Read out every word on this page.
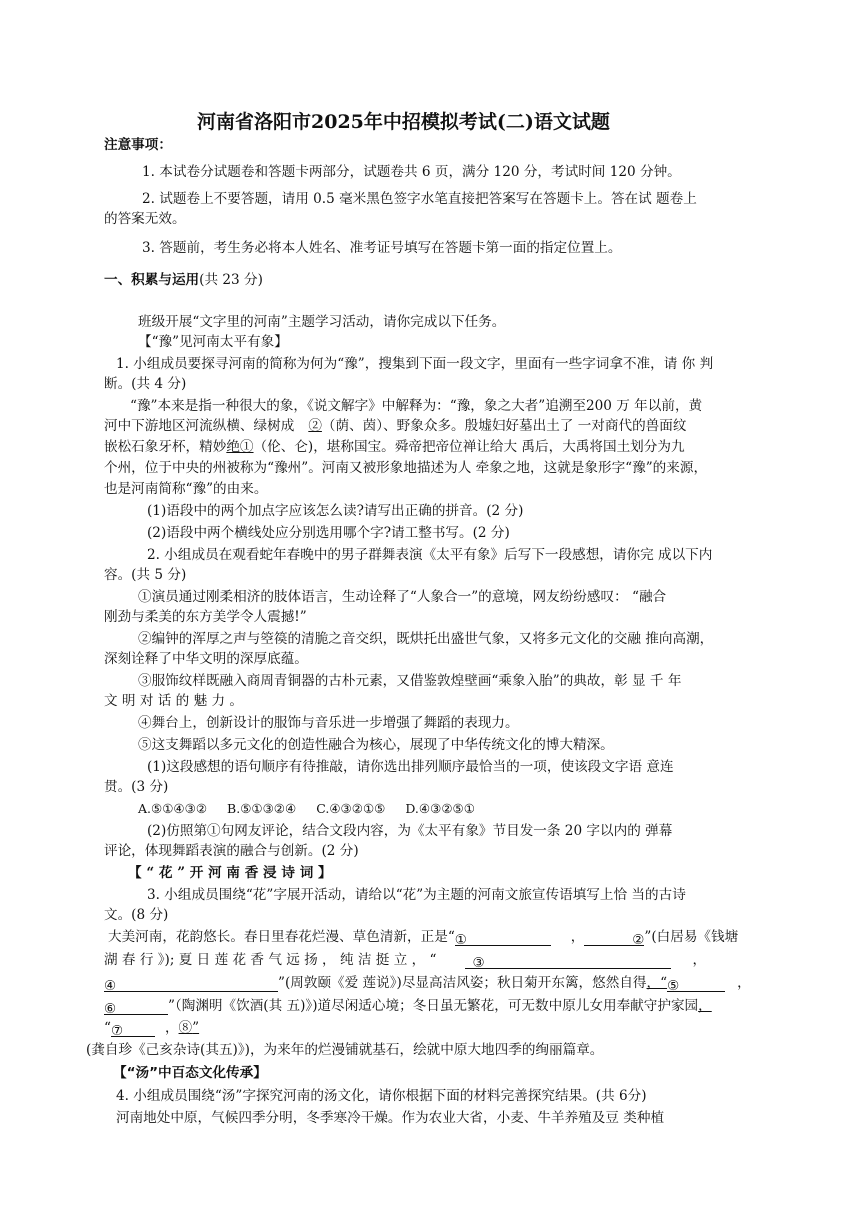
河南省洛阳市2025年中招模拟考试(二)语文试题
注意事项：
1. 本试卷分试题卷和答题卡两部分，试题卷共 6 页，满分 120 分，考试时间 120 分钟。
2. 试题卷上不要答题，请用 0.5 毫米黑色签字水笔直接把答案写在答题卡上。答在试 题卷上
的答案无效。
3. 答题前，考生务必将本人姓名、准考证号填写在答题卡第一面的指定位置上。
一、积累与运用(共 23 分)
班级开展“文字里的河南”主题学习活动，请你完成以下任务。
【“豫”见河南太平有象】
1. 小组成员要探寻河南的简称为何为“豫”，搜集到下面一段文字，里面有一些字词拿不准，请 你 判
断。(共 4 分)
“豫”本来是指一种很大的象，《说文解字》中解释为：“豫，象之大者”追溯至200 万 年以前，黄
河中下游地区河流纵横、绿树成 ②（荫、茵）、野象众多。殷墟妇好墓出土了 一对商代的兽面纹
嵌松石象牙杯，精妙绝①（伦、仑)，堪称国宝。舜帝把帝位禅让给大 禹后，大禹将国土划分为九
个州，位于中央的州被称为“豫州”。河南又被形象地描述为人 牵象之地，这就是象形字“豫”的来源，
也是河南简称“豫”的由来。
(1)语段中的两个加点字应该怎么读?请写出正确的拼音。(2 分)
(2)语段中两个横线处应分别选用哪个字?请工整书写。(2 分)
2. 小组成员在观看蛇年春晚中的男子群舞表演《太平有象》后写下一段感想，请你完 成以下内
容。(共 5 分)
①演员通过刚柔相济的肢体语言，生动诠释了“人象合一”的意境，网友纷纷感叹： “融合
刚劲与柔美的东方美学令人震撼!”
②编钟的浑厚之声与箜篌的清脆之音交织，既烘托出盛世气象，又将多元文化的交融 推向高潮，
深刻诠释了中华文明的深厚底蕴。
③服饰纹样既融入商周青铜器的古朴元素，又借鉴敦煌壁画“乘象入胎”的典故，彰 显 千 年
文 明 对 话 的 魅 力 。
④舞台上，创新设计的服饰与音乐进一步增强了舞蹈的表现力。
⑤这支舞蹈以多元文化的创造性融合为核心，展现了中华传统文化的博大精深。
(1)这段感想的语句顺序有待推敲，请你选出排列顺序最恰当的一项，使该段文字语 意连
贯。(3 分)
A.⑤①④③② B.⑤①③②④ C.④③②①⑤ D.④③②⑤①
(2)仿照第①句网友评论，结合文段内容，为《太平有象》节目发一条 20 字以内的 弹幕
评论，体现舞蹈表演的融合与创新。(2 分)
【 “ 花 ” 开 河 南 香 浸 诗 词 】
3. 小组成员围绕“花”字展开活动，请给以“花”为主题的河南文旅宣传语填写上恰 当的古诗
文。(8 分)
大美河南，花韵悠长。春日里春花烂漫、草色清新，正是“①	，	②”(白居易《钱塘
湖 春 行 》); 夏 日 莲 花 香 气 远 扬 ， 纯 洁 挺 立 ， “	③	，
④	”(周敦颐《爱 莲说》)尽显高洁风姿；秋日菊开东篱，悠然自得，“⑤	，
⑥	”（陶渊明《饮酒(其 五)》)道尽闲适心境；冬日虽无繁花，可无数中原儿女用奉献守护家园，
“⑦	，⑧”
(龚自珍《己亥杂诗(其五)》)，为来年的烂漫铺就基石，绘就中原大地四季的绚丽篇章。
【“汤”中百态文化传承】
4. 小组成员围绕“汤”字探究河南的汤文化，请你根据下面的材料完善探究结果。(共 6分)
河南地处中原，气候四季分明，冬季寒冷干燥。作为农业大省，小麦、牛羊养殖及豆 类种植
